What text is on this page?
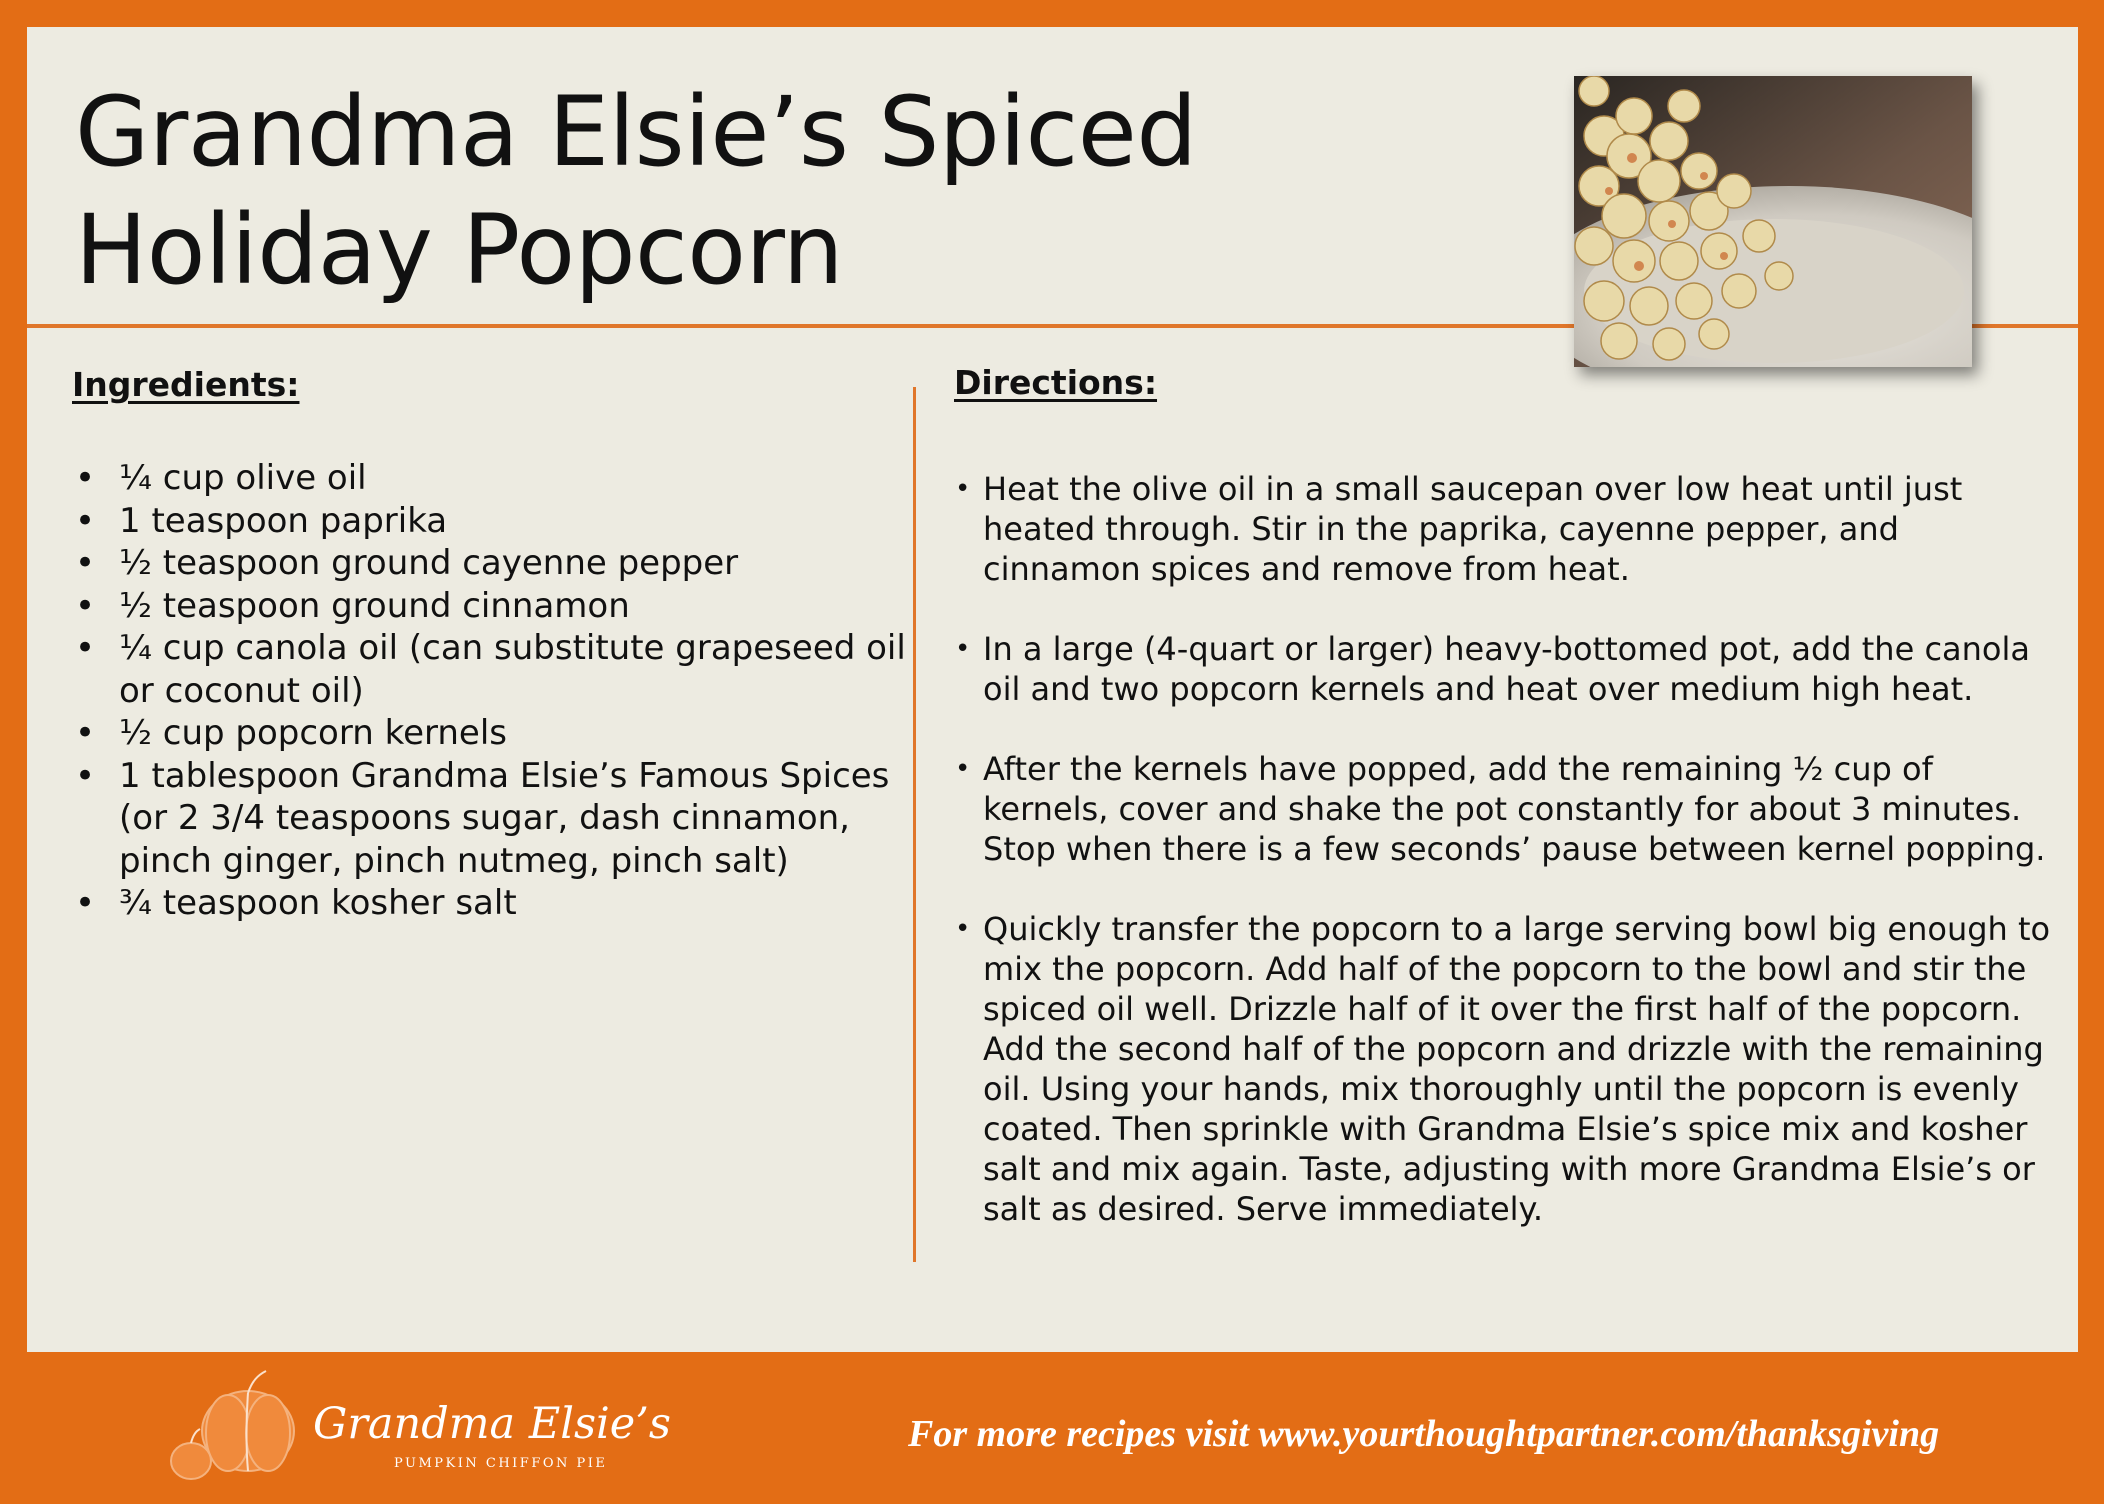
Grandma Elsie’s Spiced
Holiday Popcorn
Ingredients:
• ¼ cup olive oil
• 1 teaspoon paprika
• ½ teaspoon ground cayenne pepper
• ½ teaspoon ground cinnamon
• ¼ cup canola oil (can substitute grapeseed oil or coconut oil)
• ½ cup popcorn kernels
• 1 tablespoon Grandma Elsie’s Famous Spices (or 2 3/4 teaspoons sugar, dash cinnamon, pinch ginger, pinch nutmeg, pinch salt)
• ¾ teaspoon kosher salt
Directions:
• Heat the olive oil in a small saucepan over low heat until just heated through. Stir in the paprika, cayenne pepper, and cinnamon spices and remove from heat.
• In a large (4-quart or larger) heavy-bottomed pot, add the canola oil and two popcorn kernels and heat over medium high heat.
• After the kernels have popped, add the remaining ½ cup of kernels, cover and shake the pot constantly for about 3 minutes. Stop when there is a few seconds’ pause between kernel popping.
• Quickly transfer the popcorn to a large serving bowl big enough to mix the popcorn. Add half of the popcorn to the bowl and stir the spiced oil well. Drizzle half of it over the first half of the popcorn. Add the second half of the popcorn and drizzle with the remaining oil. Using your hands, mix thoroughly until the popcorn is evenly coated. Then sprinkle with Grandma Elsie’s spice mix and kosher salt and mix again. Taste, adjusting with more Grandma Elsie’s or salt as desired. Serve immediately.
Grandma Elsie’s
PUMPKIN CHIFFON PIE
For more recipes visit www.yourthoughtpartner.com/thanksgiving
